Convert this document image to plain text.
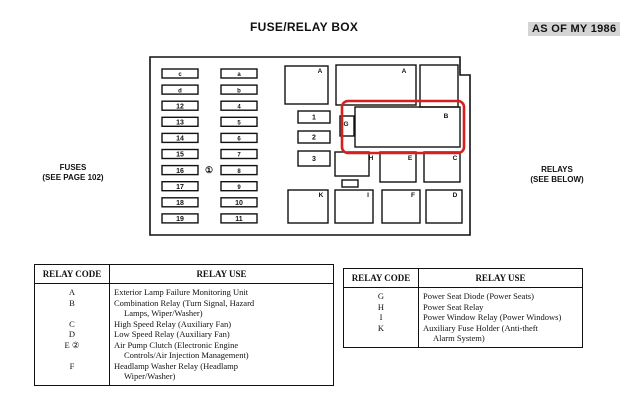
FUSE/RELAY BOX	AS OF MY 1986
FUSES
(SEE PAGE 102)
RELAYS
(SEE BELOW)
c
d
12
13
14
15
16
17
18
19
a
b
4
5
6
7
8
9
10
11
①
1
2
3
A	A
B
G
H	C
E
D
K	I	F
RELAY CODE	RELAY USE
A	Exterior Lamp Failure Monitoring Unit
B	Combination Relay (Turn Signal, Hazard
Lamps, Wiper/Washer)

C	High Speed Relay (Auxiliary Fan)
D	Low Speed Relay (Auxiliary Fan)
E ②	Air Pump Clutch (Electronic Engine
Controls/Air Injection Management)

F	Headlamp Washer Relay (Headlamp
Wiper/Washer)
RELAY CODE	RELAY USE
G	Power Seat Diode (Power Seats)
H	Power Seat Relay
I	Power Window Relay (Power Windows)
K	Auxiliary Fuse Holder (Anti-theft
Alarm System)
